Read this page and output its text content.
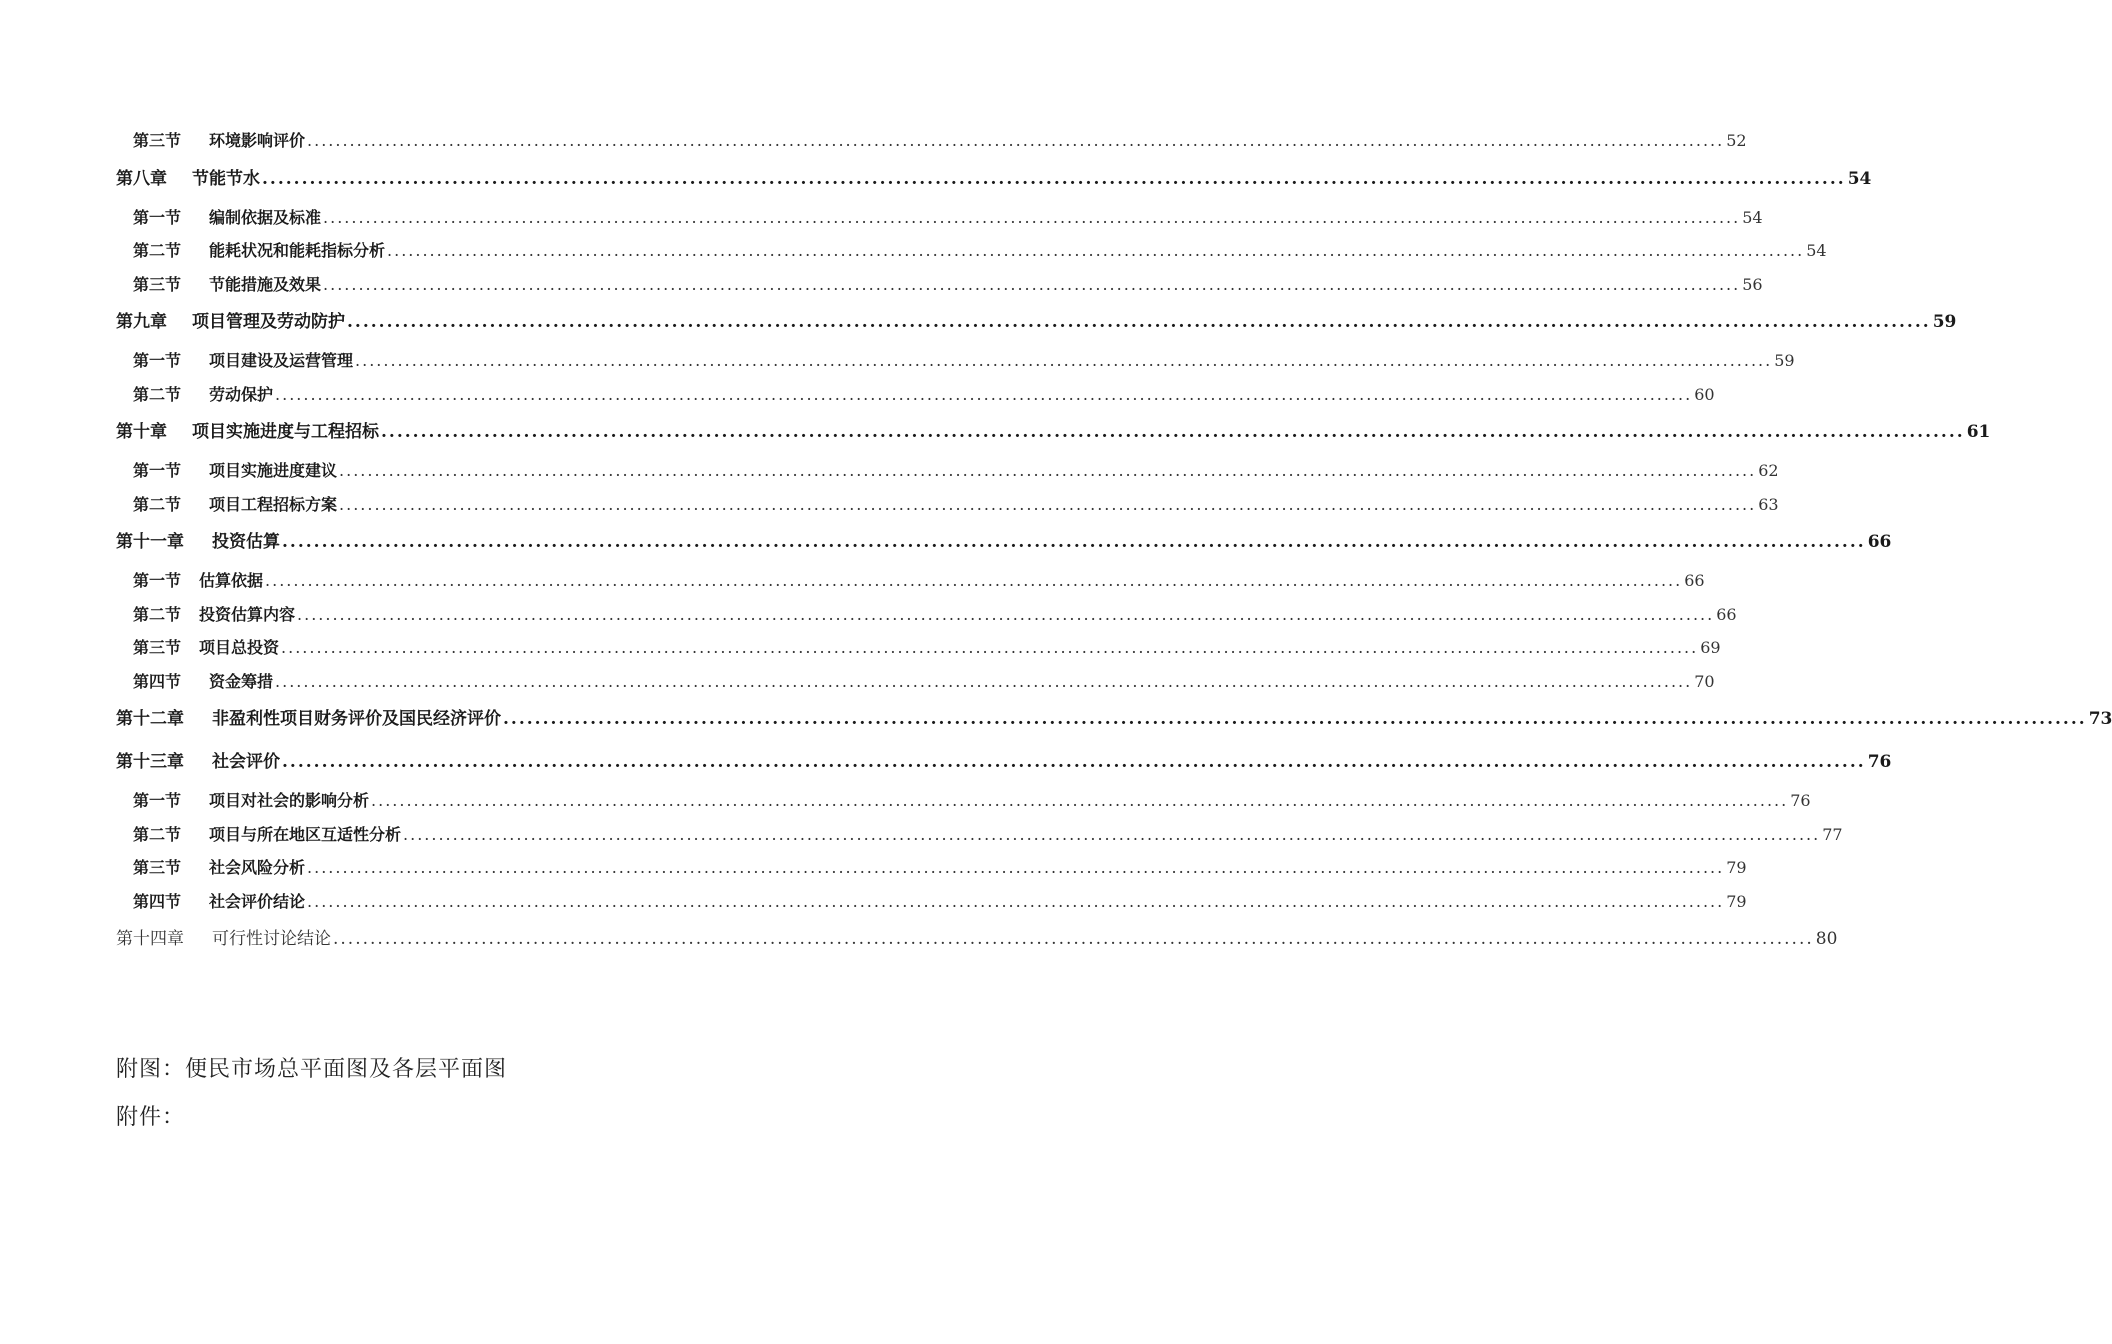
第三节	环境影响评价 ........................................................................................................................................................................................................ 52
第八章	节能节水 ........................................................................................................................................................................................................ 54
第一节	编制依据及标准 ........................................................................................................................................................................................................ 54
第二节	能耗状况和能耗指标分析 ........................................................................................................................................................................................................ 54
第三节	节能措施及效果 ........................................................................................................................................................................................................ 56
第九章	项目管理及劳动防护 ........................................................................................................................................................................................................ 59
第一节	项目建设及运营管理 ........................................................................................................................................................................................................ 59
第二节	劳动保护 ........................................................................................................................................................................................................ 60
第十章	项目实施进度与工程招标 ........................................................................................................................................................................................................ 61
第一节	项目实施进度建议 ........................................................................................................................................................................................................ 62
第二节	项目工程招标方案 ........................................................................................................................................................................................................ 63
第十一章	投资估算 ........................................................................................................................................................................................................ 66
第一节	估算依据 ........................................................................................................................................................................................................ 66
第二节	投资估算内容 ........................................................................................................................................................................................................ 66
第三节	项目总投资 ........................................................................................................................................................................................................ 69
第四节	资金筹措 ........................................................................................................................................................................................................ 70
第十二章	非盈利性项目财务评价及国民经济评价 ........................................................................................................................................................................................................ 73
第十三章	社会评价 ........................................................................................................................................................................................................ 76
第一节	项目对社会的影响分析 ........................................................................................................................................................................................................ 76
第二节	项目与所在地区互适性分析 ........................................................................................................................................................................................................ 77
第三节	社会风险分析 ........................................................................................................................................................................................................ 79
第四节	社会评价结论 ........................................................................................................................................................................................................ 79
第十四章	可行性讨论结论 ........................................................................................................................................................................................................ 80
附图：便民市场总平面图及各层平面图
附件：
